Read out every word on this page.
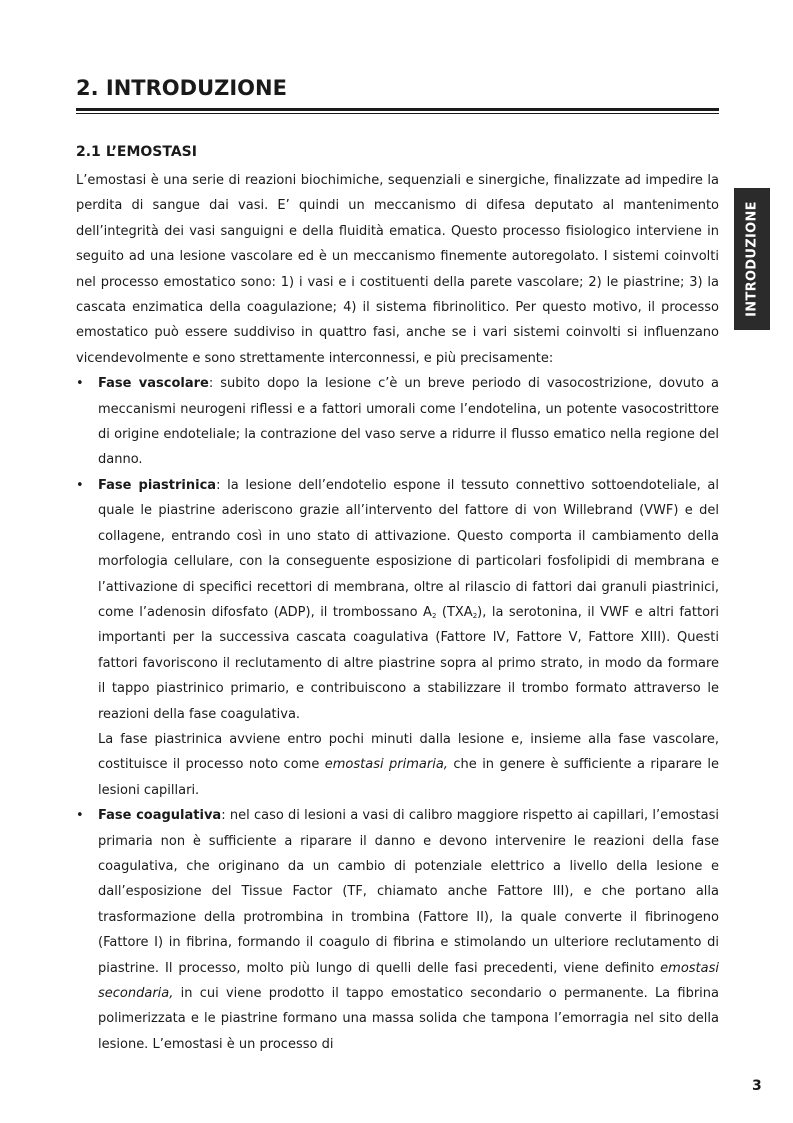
2. INTRODUZIONE
2.1 L’EMOSTASI
INTRODUZIONE

L’emostasi è una serie di reazioni biochimiche, sequenziali e sinergiche, finalizzate ad impedire la perdita di sangue dai vasi. E’ quindi un meccanismo di difesa deputato al mantenimento dell’integrità dei vasi sanguigni e della fluidità ematica. Questo processo fisiologico interviene in seguito ad una lesione vascolare ed è un meccanismo finemente autoregolato. I sistemi coinvolti nel processo emostatico sono: 1) i vasi e i costituenti della parete vascolare; 2) le piastrine; 3) la cascata enzimatica della coagulazione; 4) il sistema fibrinolitico. Per questo motivo, il processo emostatico può essere suddiviso in quattro fasi, anche se i vari sistemi coinvolti si influenzano vicendevolmente e sono strettamente interconnessi, e più precisamente:

• Fase vascolare: subito dopo la lesione c’è un breve periodo di vasocostrizione, dovuto a meccanismi neurogeni riflessi e a fattori umorali come l’endotelina, un potente vasocostrittore di origine endoteliale; la contrazione del vaso serve a ridurre il flusso ematico nella regione del danno.

• Fase piastrinica: la lesione dell’endotelio espone il tessuto connettivo sottoendoteliale, al quale le piastrine aderiscono grazie all’intervento del fattore di von Willebrand (VWF) e del collagene, entrando così in uno stato di attivazione. Questo comporta il cambiamento della morfologia cellulare, con la conseguente esposizione di particolari fosfolipidi di membrana e l’attivazione di specifici recettori di membrana, oltre al rilascio di fattori dai granuli piastrinici, come l’adenosin difosfato (ADP), il trombossano $A_2$ $(TXA_2)$, la serotonina, il VWF e altri fattori importanti per la successiva cascata coagulativa (Fattore IV, Fattore V, Fattore XIII). Questi fattori favoriscono il reclutamento di altre piastrine sopra al primo strato, in modo da formare il tappo piastrinico primario, e contribuiscono a stabilizzare il trombo formato attraverso le reazioni della fase coagulativa.

La fase piastrinica avviene entro pochi minuti dalla lesione e, insieme alla fase vascolare, costituisce il processo noto come emostasi primaria, che in genere è sufficiente a riparare le lesioni capillari.

• Fase coagulativa: nel caso di lesioni a vasi di calibro maggiore rispetto ai capillari, l’emostasi primaria non è sufficiente a riparare il danno e devono intervenire le reazioni della fase coagulativa, che originano da un cambio di potenziale elettrico a livello della lesione e dall’esposizione del Tissue Factor (TF, chiamato anche Fattore III), e che portano alla trasformazione della protrombina in trombina (Fattore II), la quale converte il fibrinogeno (Fattore I) in fibrina, formando il coagulo di fibrina e stimolando un ulteriore reclutamento di piastrine. Il processo, molto più lungo di quelli delle fasi precedenti, viene definito emostasi secondaria, in cui viene prodotto il tappo emostatico secondario o permanente. La fibrina polimerizzata e le piastrine formano una massa solida che tampona l’emorragia nel sito della lesione. L’emostasi è un processo di
3
